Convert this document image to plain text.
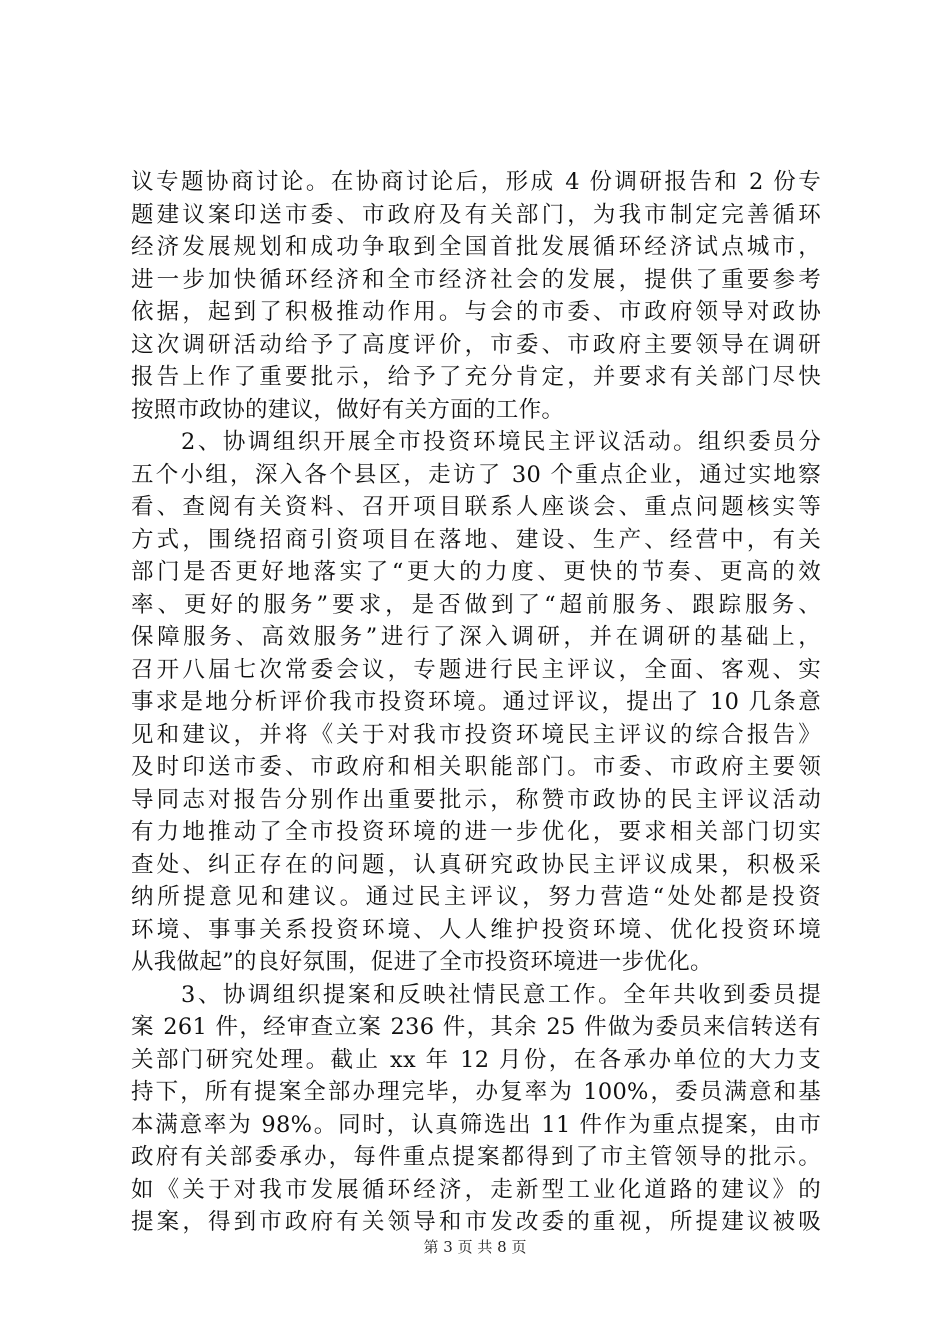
议专题协商讨论。在协商讨论后，形成 4 份调研报告和 2 份专
题建议案印送市委、市政府及有关部门，为我市制定完善循环
经济发展规划和成功争取到全国首批发展循环经济试点城市，
进一步加快循环经济和全市经济社会的发展，提供了重要参考
依据，起到了积极推动作用。与会的市委、市政府领导对政协
这次调研活动给予了高度评价，市委、市政府主要领导在调研
报告上作了重要批示，给予了充分肯定，并要求有关部门尽快
按照市政协的建议，做好有关方面的工作。
　　2、协调组织开展全市投资环境民主评议活动。组织委员分
五个小组，深入各个县区，走访了 30 个重点企业，通过实地察
看、查阅有关资料、召开项目联系人座谈会、重点问题核实等
方式，围绕招商引资项目在落地、建设、生产、经营中，有关
部门是否更好地落实了“更大的力度、更快的节奏、更高的效
率、更好的服务”要求，是否做到了“超前服务、跟踪服务、
保障服务、高效服务”进行了深入调研，并在调研的基础上，
召开八届七次常委会议，专题进行民主评议，全面、客观、实
事求是地分析评价我市投资环境。通过评议，提出了 10 几条意
见和建议，并将《关于对我市投资环境民主评议的综合报告》
及时印送市委、市政府和相关职能部门。市委、市政府主要领
导同志对报告分别作出重要批示，称赞市政协的民主评议活动
有力地推动了全市投资环境的进一步优化，要求相关部门切实
查处、纠正存在的问题，认真研究政协民主评议成果，积极采
纳所提意见和建议。通过民主评议，努力营造“处处都是投资
环境、事事关系投资环境、人人维护投资环境、优化投资环境
从我做起”的良好氛围，促进了全市投资环境进一步优化。
　　3、协调组织提案和反映社情民意工作。全年共收到委员提
案 261 件，经审查立案 236 件，其余 25 件做为委员来信转送有
关部门研究处理。截止 xx 年 12 月份，在各承办单位的大力支
持下，所有提案全部办理完毕，办复率为 100%，委员满意和基
本满意率为 98%。同时，认真筛选出 11 件作为重点提案，由市
政府有关部委承办，每件重点提案都得到了市主管领导的批示。
如《关于对我市发展循环经济，走新型工业化道路的建议》的
提案，得到市政府有关领导和市发改委的重视，所提建议被吸
第 3 页 共 8 页
